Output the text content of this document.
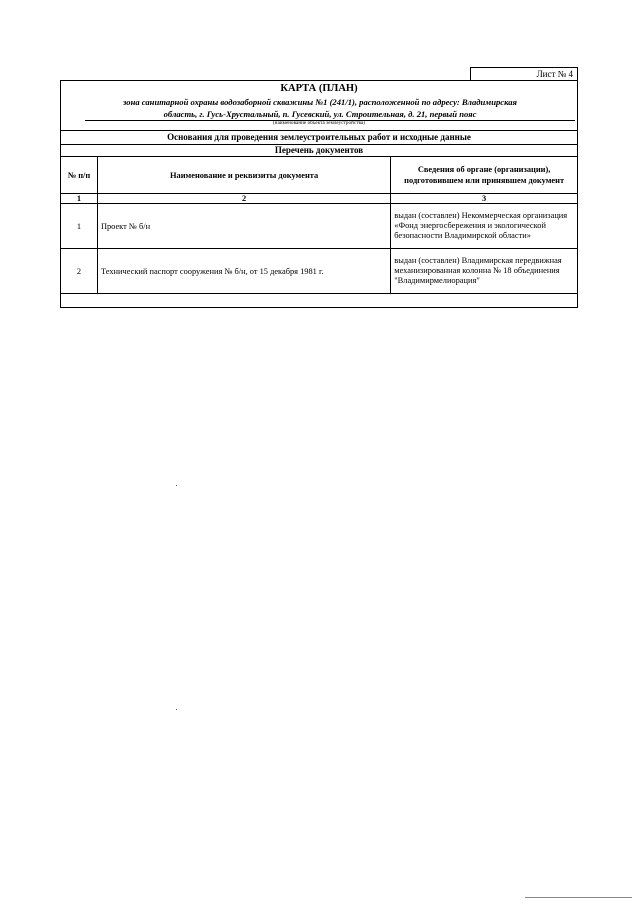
Лист № 4
КАРТА (ПЛАН)
зона санитарной охраны водозаборной скважины №1 (241/1), расположенной по адресу: Владимирская
область, г. Гусь-Хрустальный, п. Гусевский, ул. Строительная, д. 21, первый пояс
(наименование объекта землеустройства)
Основания для проведения землеустроительных работ и исходные данные
Перечень документов
№ п/п	Наименование и реквизиты документа	Сведения об органе (организации), подготовившем или принявшем документ
1	2	3
1	Проект № б/н	выдан (составлен) Некоммерческая организация «Фонд энергосбережения и экологической безопасности Владимирской области»
2	Технический паспорт сооружения № б/н, от 15 декабря 1981 г.	выдан (составлен) Владимирская передвижная механизированная колонна № 18 объединения "Владимирмелиорация"
